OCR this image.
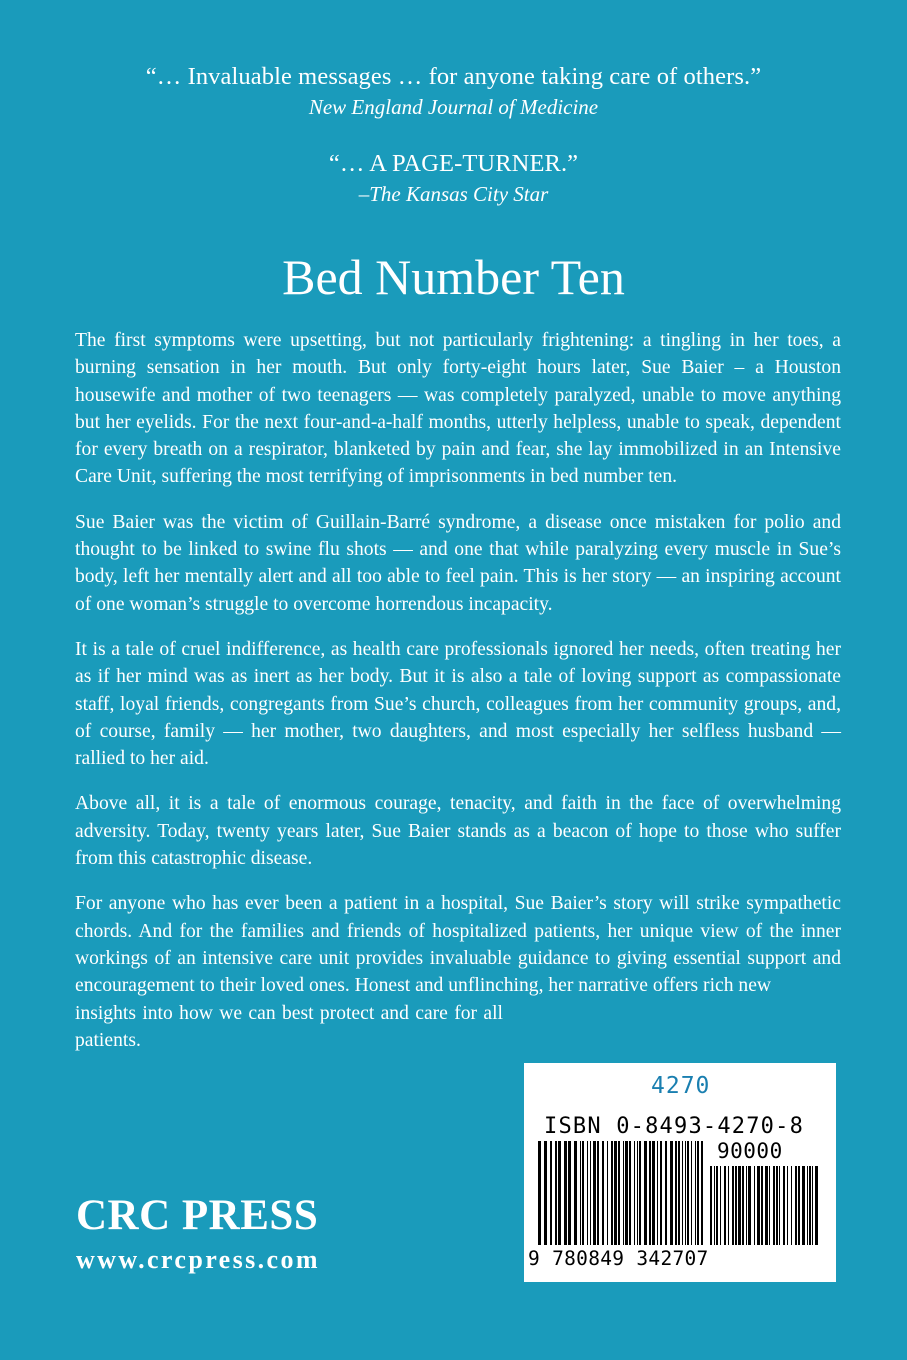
“… Invaluable messages … for anyone taking care of others.”
New England Journal of Medicine
“… A PAGE-TURNER.”
–The Kansas City Star
Bed Number Ten

The first symptoms were upsetting, but not particularly frightening: a tingling in her toes, a burning sensation in her mouth. But only forty-eight hours later, Sue Baier – a Houston housewife and mother of two teenagers — was completely paralyzed, unable to move anything but her eyelids. For the next four-and-a-half months, utterly helpless, unable to speak, dependent for every breath on a respirator, blanketed by pain and fear, she lay immobilized in an Intensive Care Unit, suffering the most terrifying of imprisonments in bed number ten.

Sue Baier was the victim of Guillain-Barré syndrome, a disease once mistaken for polio and thought to be linked to swine flu shots — and one that while paralyzing every muscle in Sue’s body, left her mentally alert and all too able to feel pain. This is her story — an inspiring account of one woman’s struggle to overcome horrendous incapacity.

It is a tale of cruel indifference, as health care professionals ignored her needs, often treating her as if her mind was as inert as her body. But it is also a tale of loving support as compassionate staff, loyal friends, congregants from Sue’s church, colleagues from her community groups, and, of course, family — her mother, two daughters, and most especially her selfless husband — rallied to her aid.

Above all, it is a tale of enormous courage, tenacity, and faith in the face of overwhelming adversity. Today, twenty years later, Sue Baier stands as a beacon of hope to those who suffer from this catastrophic disease.

For anyone who has ever been a patient in a hospital, Sue Baier’s story will strike sympathetic chords. And for the families and friends of hospitalized patients, her unique view of the inner workings of an intensive care unit provides invaluable guidance to giving essential support and encouragement to their loved ones. Honest and unflinching, her narrative offers rich new

insights into how we can best protect and care for all patients.

CRC PRESS
www.crcpress.com
4270
ISBN 0-8493-4270-8
90000
9 780849 342707
